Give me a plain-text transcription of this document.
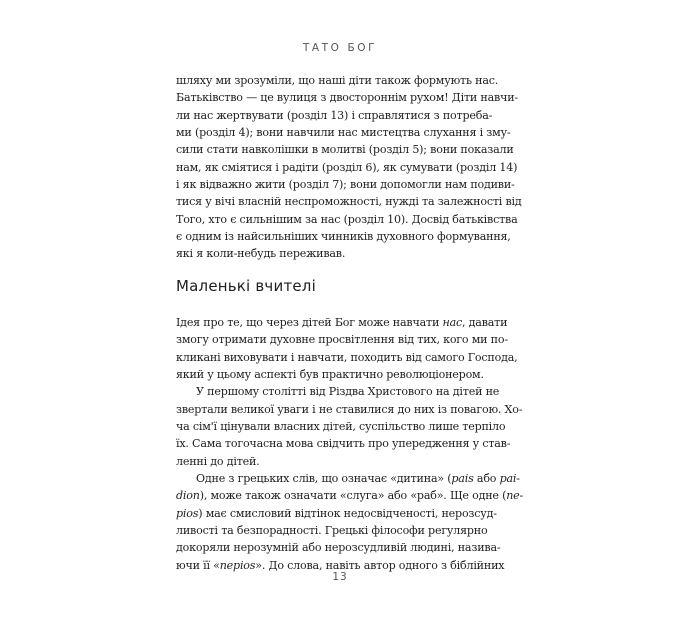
ТАТО БОГ
шляху ми зрозуміли, що наші діти також формують нас.
Батьківство — це вулиця з двостороннім рухом! Діти навчи-
ли нас жертвувати (розділ 13) і справлятися з потреба-
ми (розділ 4); вони навчили нас мистецтва слухання і зму-
сили стати навколішки в молитві (розділ 5); вони показали
нам, як сміятися і радіти (розділ 6), як сумувати (розділ 14)
і як відважно жити (розділ 7); вони допомогли нам подиви-
тися у вічі власній неспроможності, нужді та залежності від
Того, хто є сильнішим за нас (розділ 10). Досвід батьківства
є одним із найсильніших чинників духовного формування,
які я коли-небудь переживав.
Маленькі вчителі
Ідея про те, що через дітей Бог може навчати нас, давати
змогу отримати духовне просвітлення від тих, кого ми по-
кликані виховувати і навчати, походить від самого Господа,
який у цьому аспекті був практично революціонером.
У першому столітті від Різдва Христового на дітей не
звертали великої уваги і не ставилися до них із повагою. Хо-
ча сім'ї цінували власних дітей, суспільство лише терпіло
їх. Сама тогочасна мова свідчить про упередження у став-
ленні до дітей.
Одне з грецьких слів, що означає «дитина» (pais або pai-
dion), може також означати «слуга» або «раб». Ще одне (ne-
pios) має смисловий відтінок недосвідченості, нерозсуд-
ливості та безпорадності. Грецькі філософи регулярно
докоряли нерозумній або нерозсудливій людині, назива-
ючи її «nepios». До слова, навіть автор одного з біблійних
13
